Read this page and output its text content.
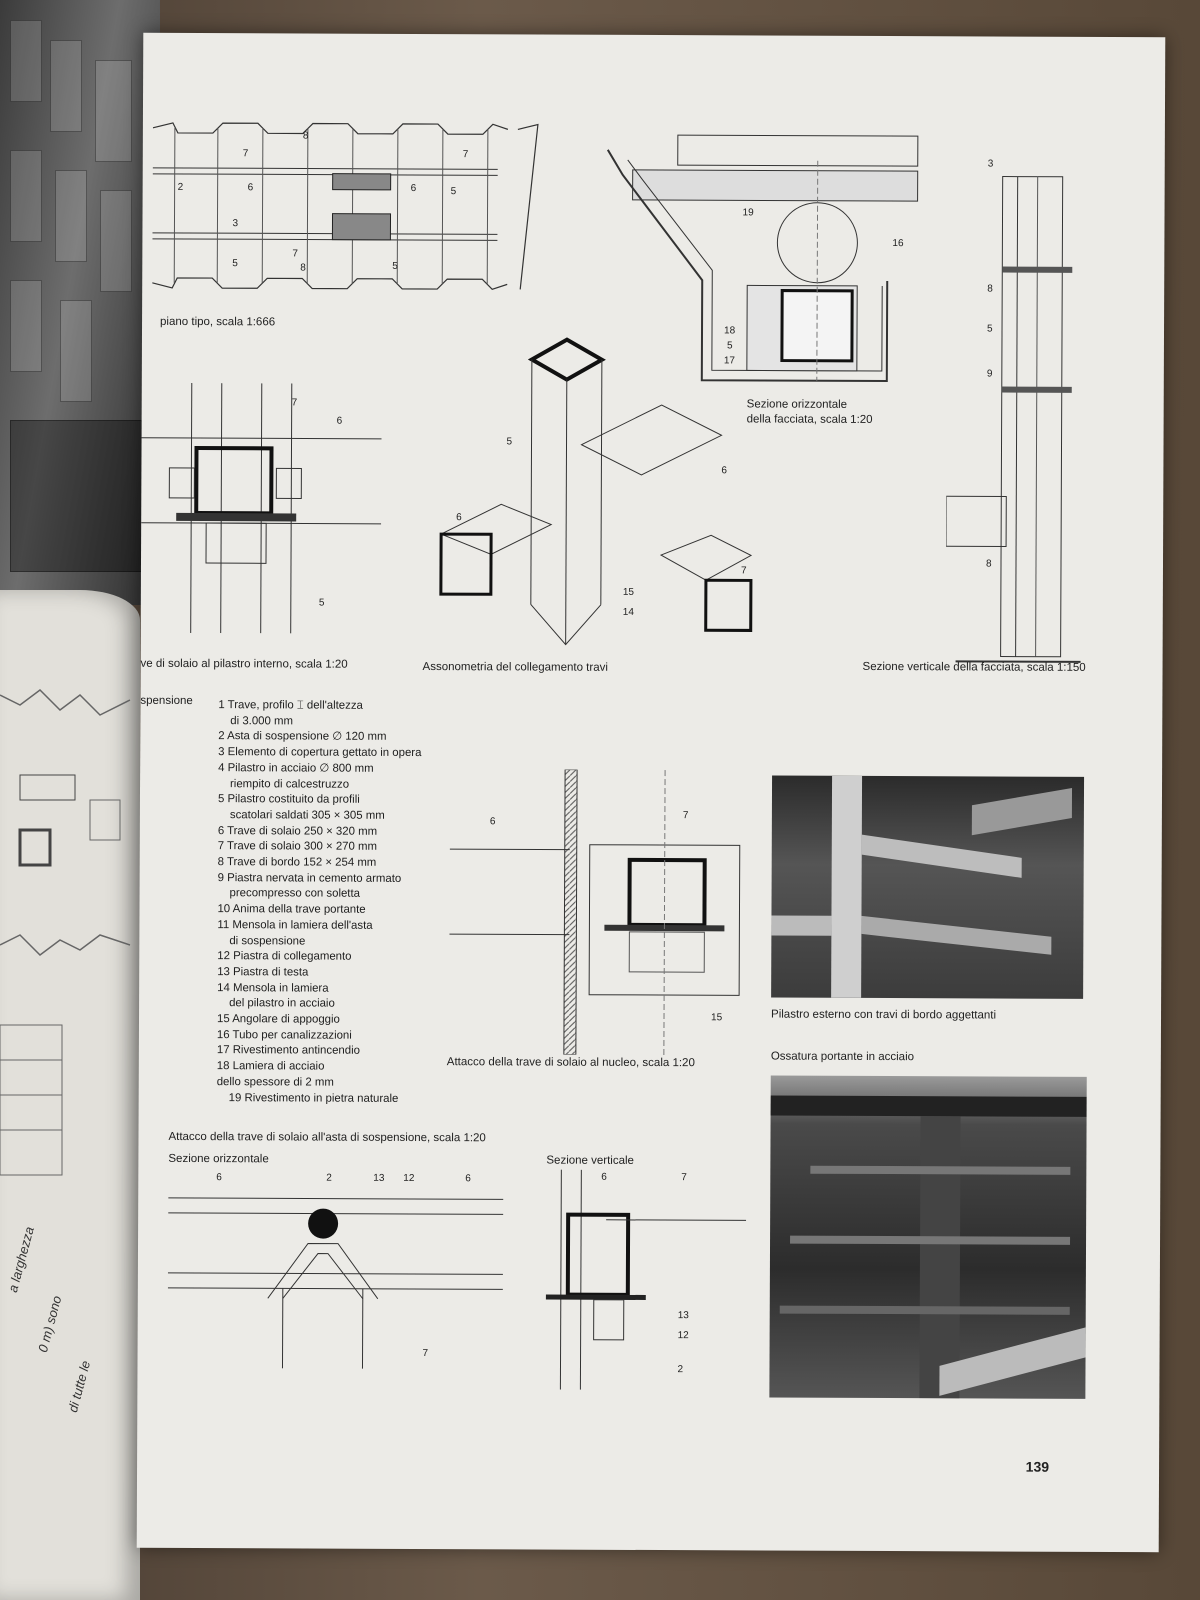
a larghezza
0 m) sono
di tutte le
8
7	7
2	6	6	5
3
5
7
8	5
piano tipo, scala 1:666
19
16
18
5
17
Sezione orizzontale
della facciata, scala 1:20
3
8
5
9
8
Sezione verticale della facciata, scala 1:150
7
6
5
ve di solaio al pilastro interno, scala 1:20
5
6
6
7
15
14
Assonometria del collegamento travi
spensione 1 Trave, profilo ⌶ dell'altezza
di 3.000 mm
2 Asta di sospensione ∅ 120 mm
3 Elemento di copertura gettato in opera
4 Pilastro in acciaio ∅ 800 mm
riempito di calcestruzzo
5 Pilastro costituito da profili
scatolari saldati 305 × 305 mm
6 Trave di solaio 250 × 320 mm
7 Trave di solaio 300 × 270 mm
8 Trave di bordo 152 × 254 mm
9 Piastra nervata in cemento armato
precompresso con soletta
10 Anima della trave portante
11 Mensola in lamiera dell'asta
di sospensione
12 Piastra di collegamento
13 Piastra di testa
14 Mensola in lamiera
del pilastro in acciaio
15 Angolare di appoggio
16 Tubo per canalizzazioni
17 Rivestimento antincendio
18 Lamiera di acciaio
dello spessore di 2 mm
19 Rivestimento in pietra naturale
6
7
15
Attacco della trave di solaio al nucleo, scala 1:20
Pilastro esterno con travi di bordo aggettanti
Ossatura portante in acciaio
Attacco della trave di solaio all'asta di sospensione, scala 1:20
Sezione orizzontale	Sezione verticale
6	2	13 12	6
7
6	7
13
12
2
139
